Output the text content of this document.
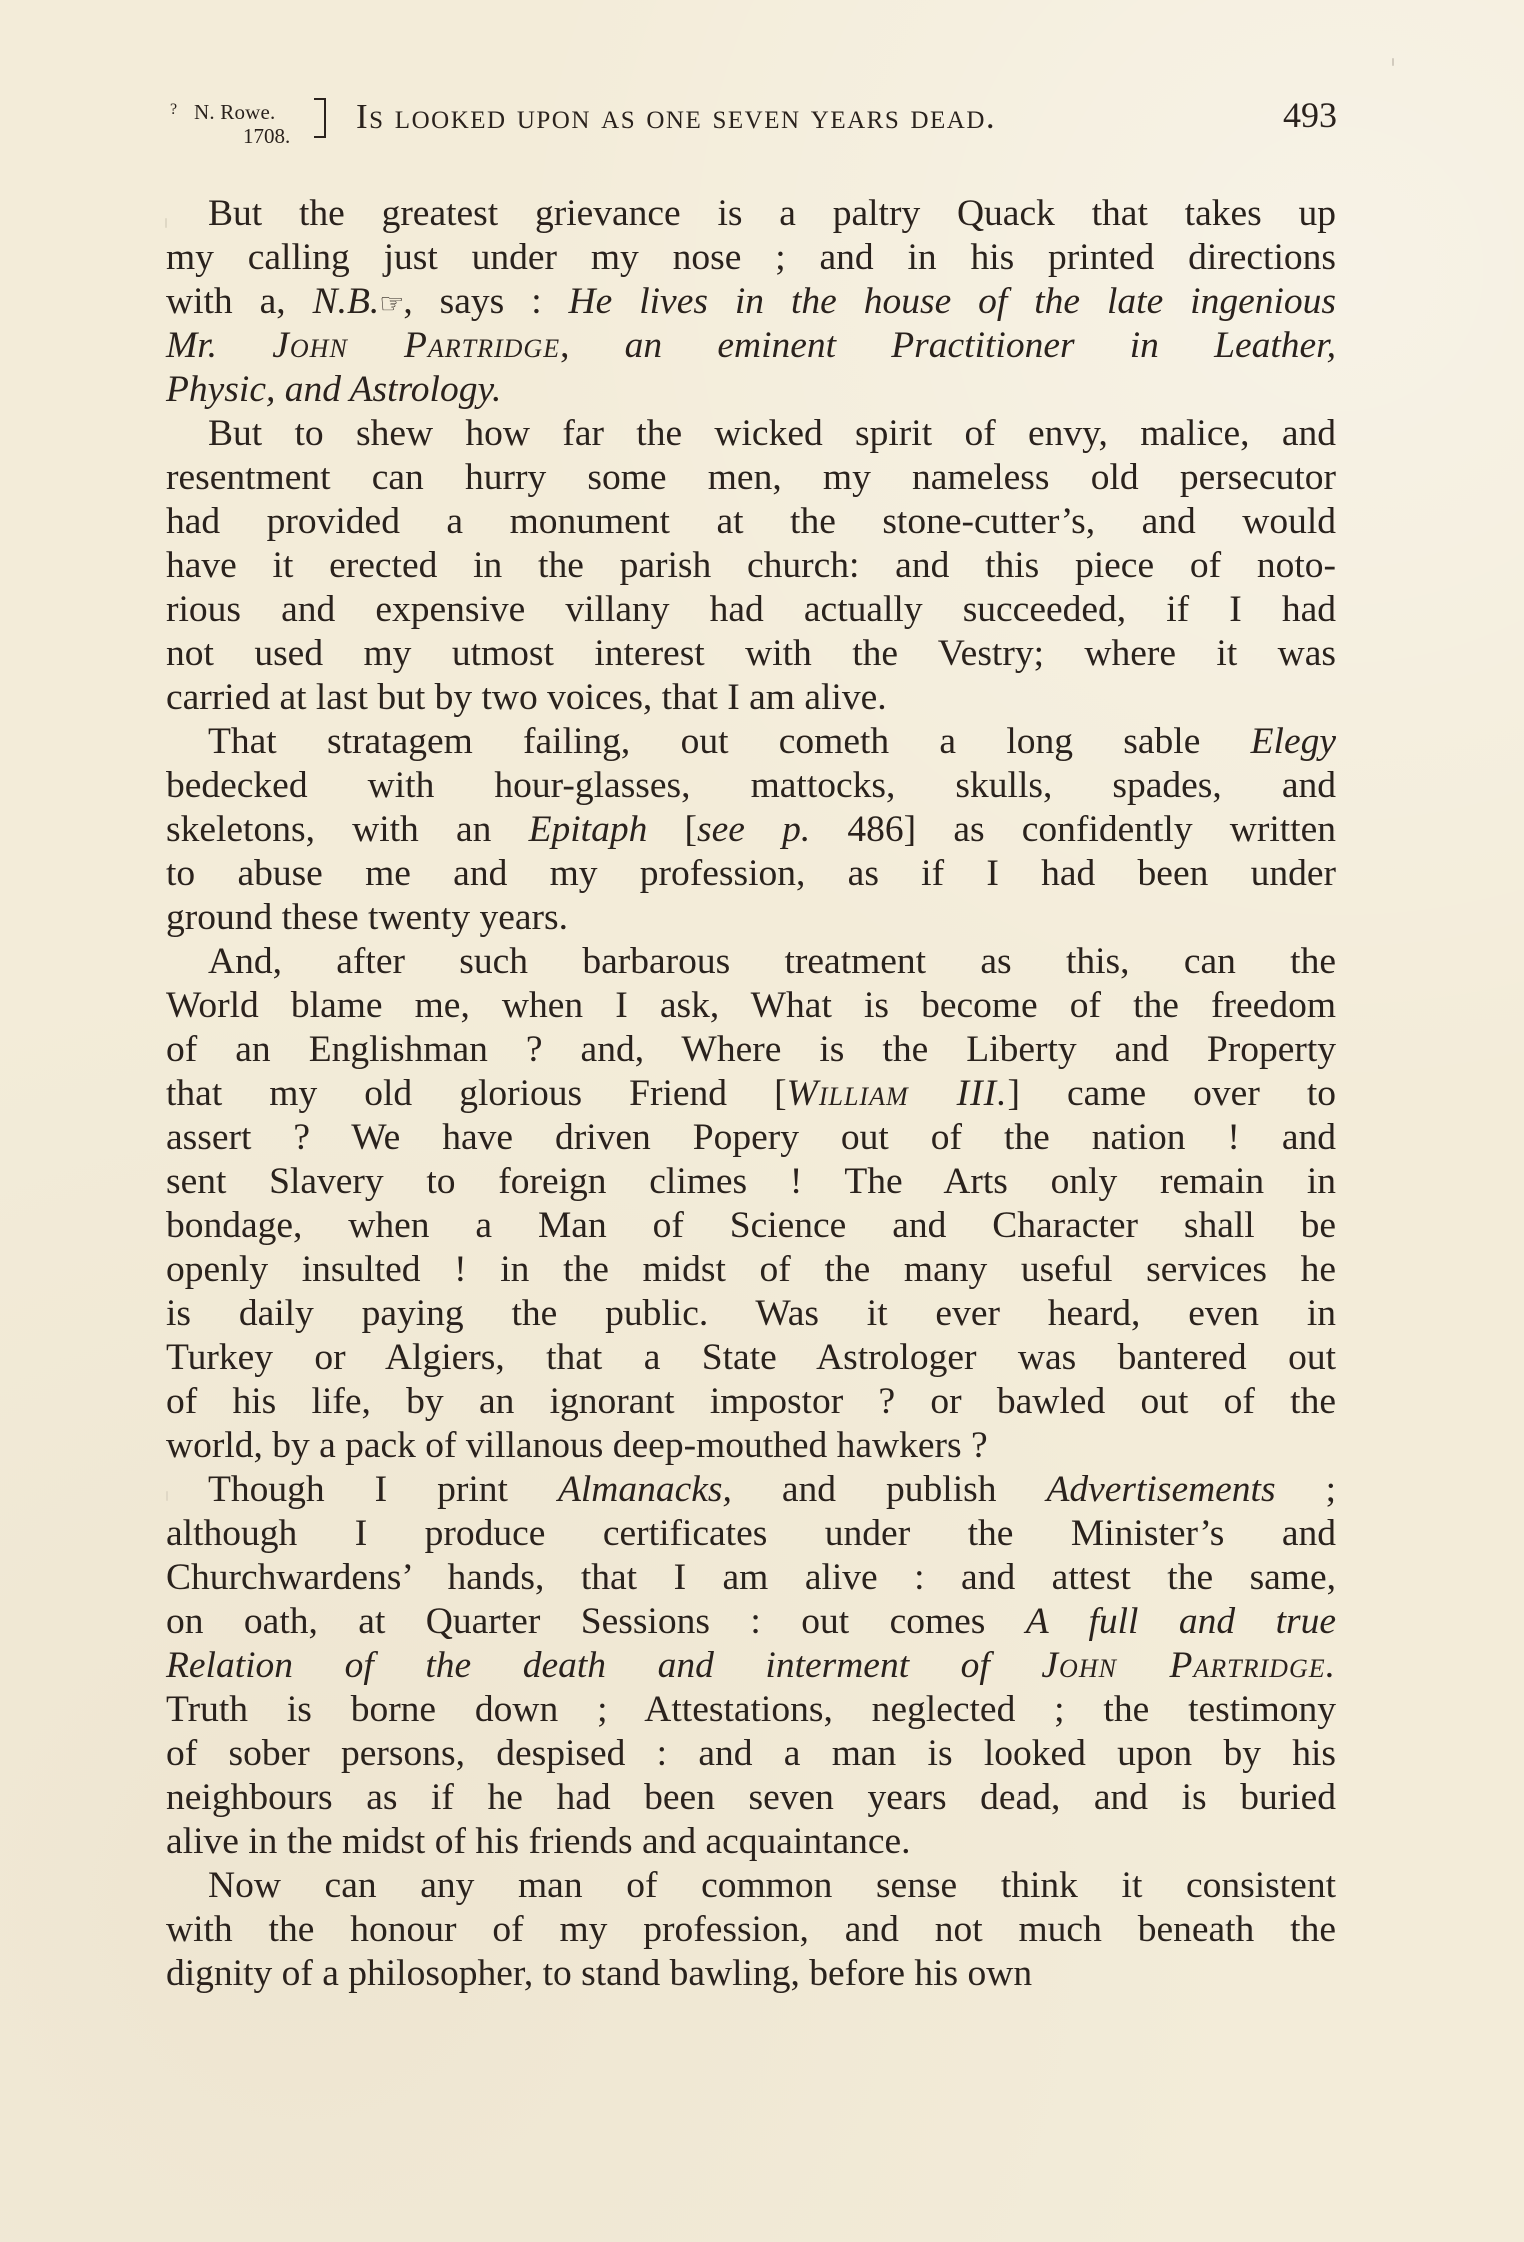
? N. Rowe.
1708. Is looked upon as one seven years dead.	493
But the greatest grievance is a paltry Quack that takes up
my calling just under my nose ; and in his printed directions
with a, N.B.☞, says : He lives in the house of the late ingenious
Mr. John Partridge, an eminent Practitioner in Leather,
Physic, and Astrology.
But to shew how far the wicked spirit of envy, malice, and
resentment can hurry some men, my nameless old persecutor
had provided a monument at the stone-cutter’s, and would
have it erected in the parish church: and this piece of noto-
rious and expensive villany had actually succeeded, if I had
not used my utmost interest with the Vestry; where it was
carried at last but by two voices, that I am alive.
That stratagem failing, out cometh a long sable Elegy
bedecked with hour-glasses, mattocks, skulls, spades, and
skeletons, with an Epitaph [see p. 486] as confidently written
to abuse me and my profession, as if I had been under
ground these twenty years.
And, after such barbarous treatment as this, can the
World blame me, when I ask, What is become of the freedom
of an Englishman ? and, Where is the Liberty and Property
that my old glorious Friend [William III.] came over to
assert ? We have driven Popery out of the nation ! and
sent Slavery to foreign climes ! The Arts only remain in
bondage, when a Man of Science and Character shall be
openly insulted ! in the midst of the many useful services he
is daily paying the public. Was it ever heard, even in
Turkey or Algiers, that a State Astrologer was bantered out
of his life, by an ignorant impostor ? or bawled out of the
world, by a pack of villanous deep-mouthed hawkers ?
Though I print Almanacks, and publish Advertisements ;
although I produce certificates under the Minister’s and
Churchwardens’ hands, that I am alive : and attest the same,
on oath, at Quarter Sessions : out comes A full and true
Relation of the death and interment of John Partridge.
Truth is borne down ; Attestations, neglected ; the testimony
of sober persons, despised : and a man is looked upon by his
neighbours as if he had been seven years dead, and is buried
alive in the midst of his friends and acquaintance.
Now can any man of common sense think it consistent
with the honour of my profession, and not much beneath the
dignity of a philosopher, to stand bawling, before his own
